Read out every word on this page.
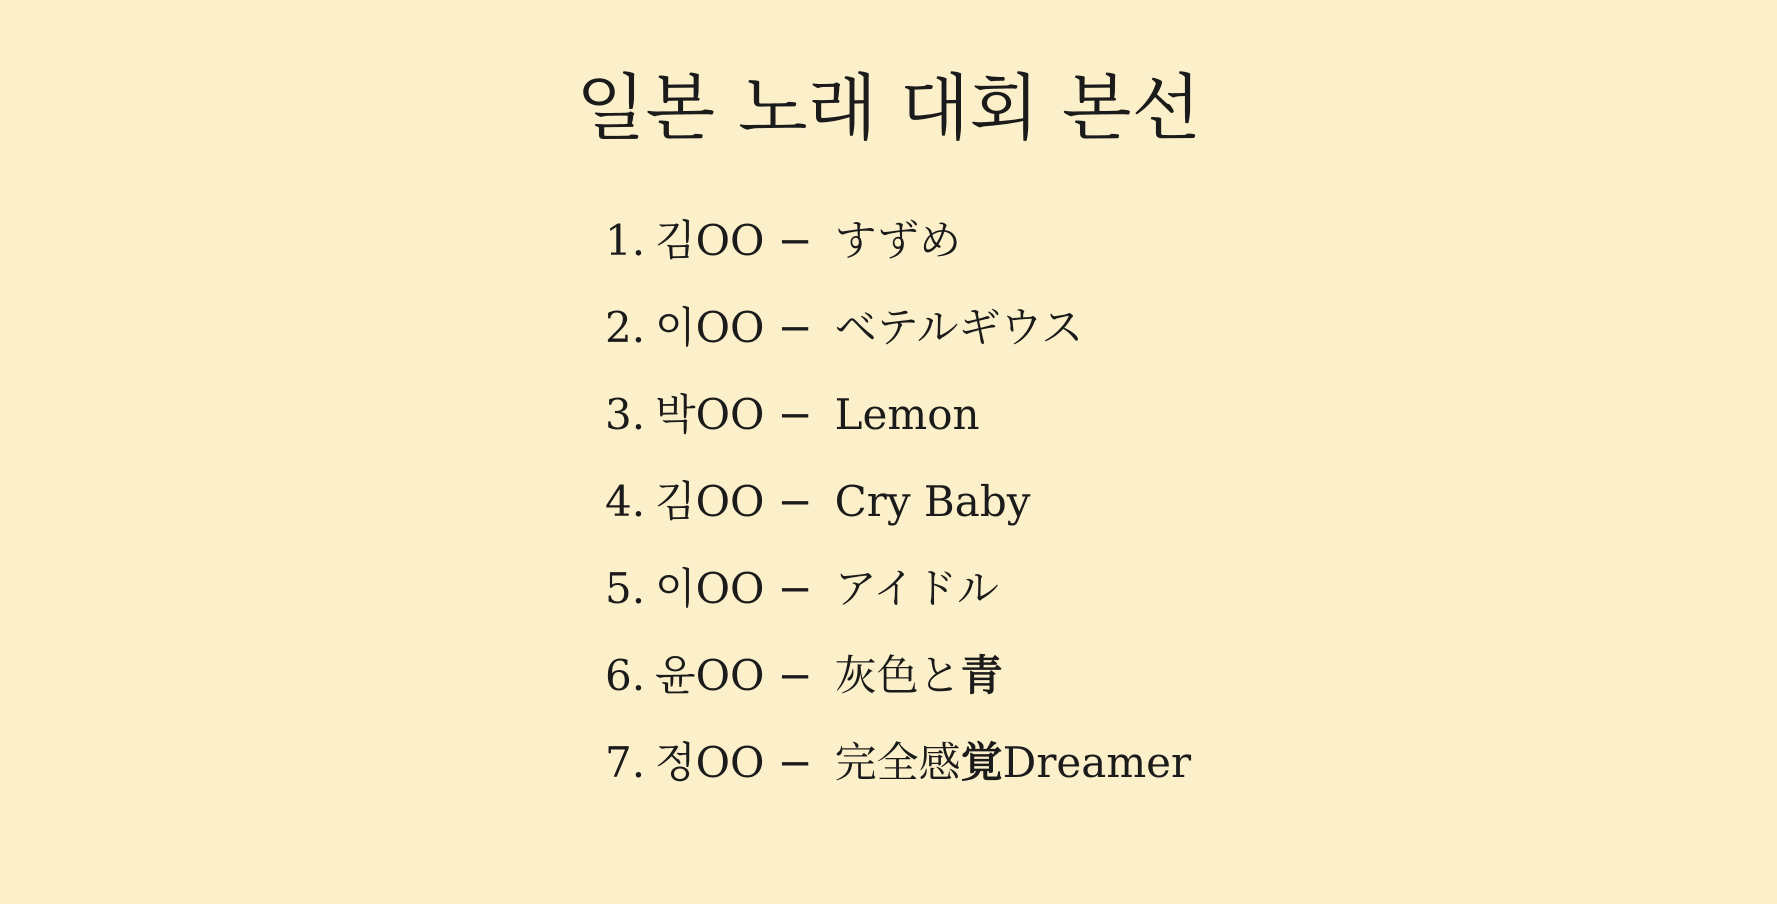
일본 노래 대회 본선
1. 김OO − すずめ
2. 이OO − ベテルギウス
3. 박OO − Lemon
4. 김OO − Cry Baby
5. 이OO − アイドル
6. 윤OO − 灰色と青
7. 정OO − 完全感覚Dreamer
